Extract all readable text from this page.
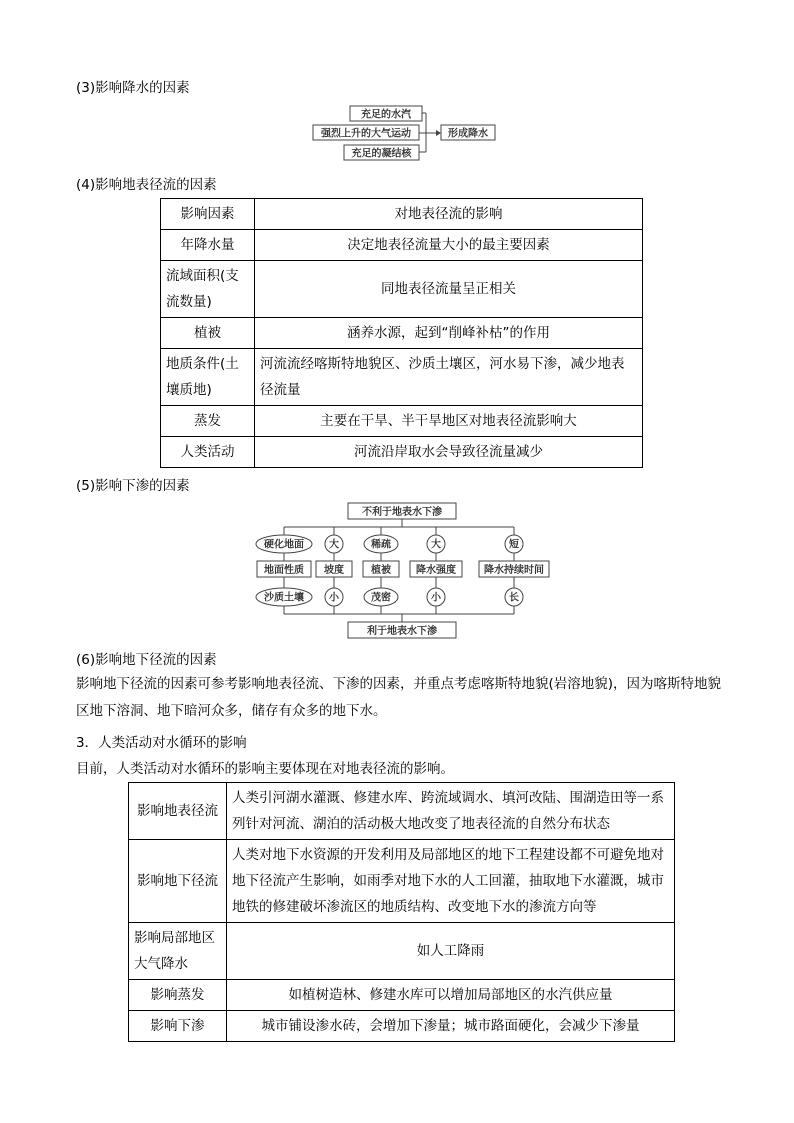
(3)影响降水的因素
充足的水汽
强烈上升的大气运动
充足的凝结核
形成降水
(4)影响地表径流的因素
影响因素	对地表径流的影响
年降水量	决定地表径流量大小的最主要因素
流域面积(支流数量)	同地表径流量呈正相关
植被	涵养水源，起到“削峰补枯”的作用
地质条件(土壤质地)	河流流经喀斯特地貌区、沙质土壤区，河水易下渗，减少地表径流量
蒸发	主要在干旱、半干旱地区对地表径流影响大
人类活动	河流沿岸取水会导致径流量减少
(5)影响下渗的因素
不利于地表水下渗
利于地表水下渗
硬化地面
地面性质
沙质土壤
大
坡度
小
稀疏
植被
茂密
大
降水强度
小
短
降水持续时间
长
(6)影响地下径流的因素
影响地下径流的因素可参考影响地表径流、下渗的因素，并重点考虑喀斯特地貌(岩溶地貌)，因为喀斯特地貌区地下溶洞、地下暗河众多，储存有众多的地下水。
3．人类活动对水循环的影响
目前，人类活动对水循环的影响主要体现在对地表径流的影响。
影响地表径流	人类引河湖水灌溉、修建水库、跨流域调水、填河改陆、围湖造田等一系列针对河流、湖泊的活动极大地改变了地表径流的自然分布状态
影响地下径流	人类对地下水资源的开发利用及局部地区的地下工程建设都不可避免地对地下径流产生影响，如雨季对地下水的人工回灌，抽取地下水灌溉，城市地铁的修建破坏渗流区的地质结构、改变地下水的渗流方向等
影响局部地区大气降水	如人工降雨
影响蒸发	如植树造林、修建水库可以增加局部地区的水汽供应量
影响下渗	城市铺设渗水砖，会增加下渗量；城市路面硬化，会减少下渗量
